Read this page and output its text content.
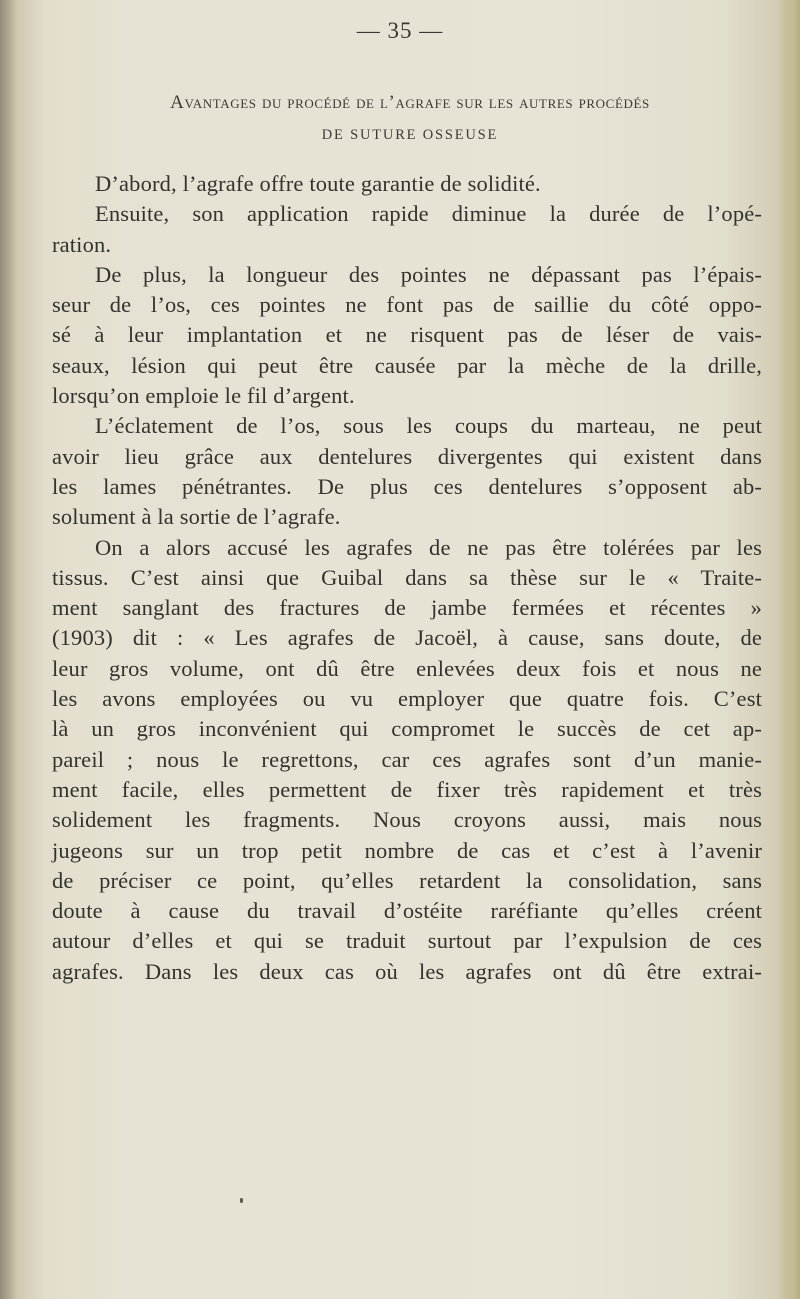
— 35 —
Avantages du procédé de l’agrafe sur les autres procédés
DE SUTURE OSSEUSE
D’abord, l’agrafe offre toute garantie de solidité.
Ensuite, son application rapide diminue la durée de l’opé-
ration.
De plus, la longueur des pointes ne dépassant pas l’épais-
seur de l’os, ces pointes ne font pas de saillie du côté oppo-
sé à leur implantation et ne risquent pas de léser de vais-
seaux, lésion qui peut être causée par la mèche de la drille,
lorsqu’on emploie le fil d’argent.
L’éclatement de l’os, sous les coups du marteau, ne peut
avoir lieu grâce aux dentelures divergentes qui existent dans
les lames pénétrantes. De plus ces dentelures s’opposent ab-
solument à la sortie de l’agrafe.
On a alors accusé les agrafes de ne pas être tolérées par les
tissus. C’est ainsi que Guibal dans sa thèse sur le « Traite-
ment sanglant des fractures de jambe fermées et récentes »
(1903) dit : « Les agrafes de Jacoël, à cause, sans doute, de
leur gros volume, ont dû être enlevées deux fois et nous ne
les avons employées ou vu employer que quatre fois. C’est
là un gros inconvénient qui compromet le succès de cet ap-
pareil ; nous le regrettons, car ces agrafes sont d’un manie-
ment facile, elles permettent de fixer très rapidement et très
solidement les fragments. Nous croyons aussi, mais nous
jugeons sur un trop petit nombre de cas et c’est à l’avenir
de préciser ce point, qu’elles retardent la consolidation, sans
doute à cause du travail d’ostéite raréfiante qu’elles créent
autour d’elles et qui se traduit surtout par l’expulsion de ces
agrafes. Dans les deux cas où les agrafes ont dû être extrai-
